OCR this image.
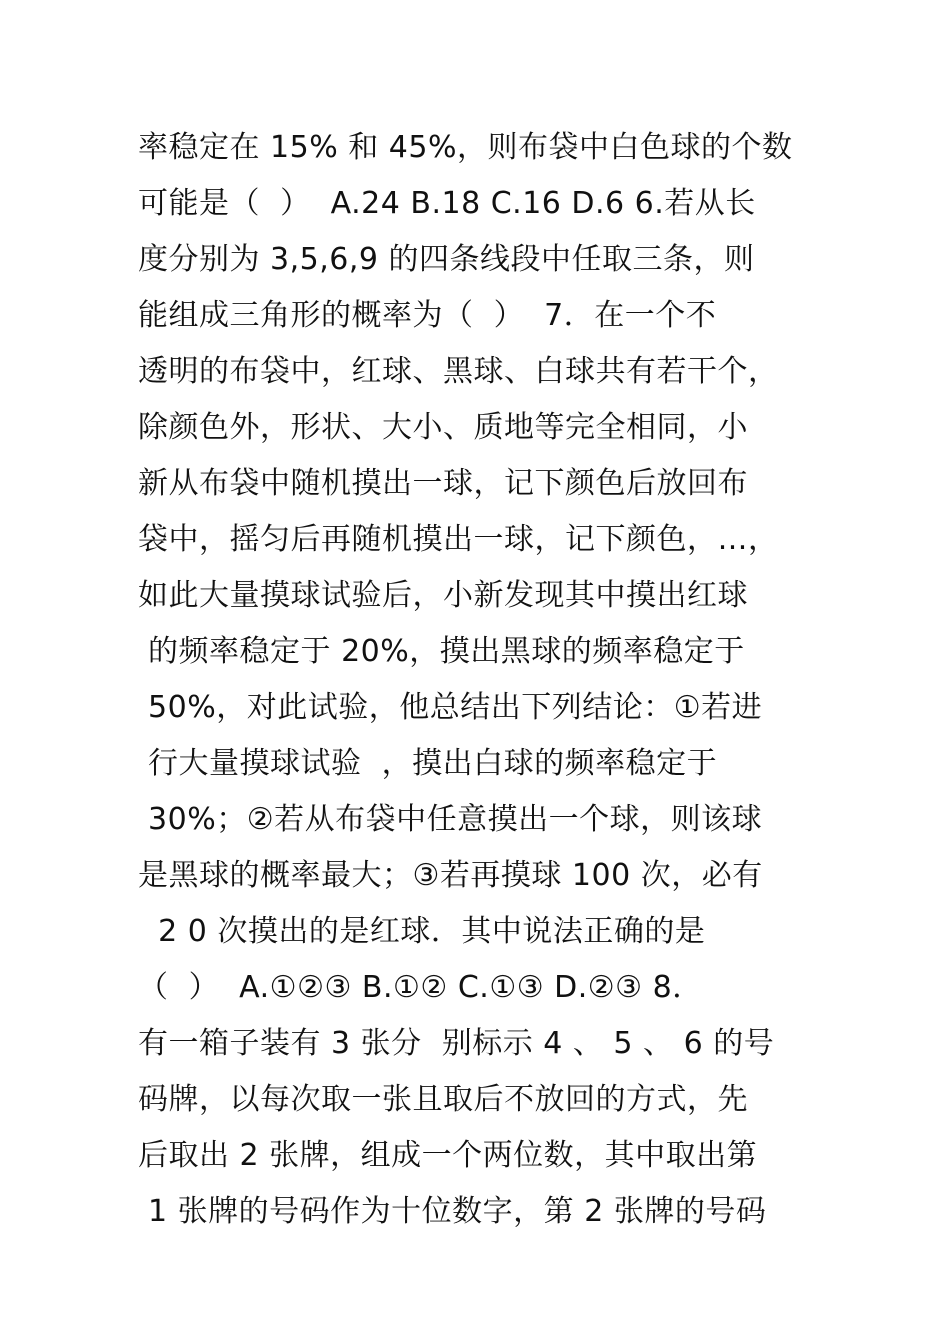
率稳定在 15% 和 45%，则布袋中白色球的个数
可能是（  ）  A.24 B.18 C.16 D.6 6.若从长
度分别为 3,5,6,9 的四条线段中任取三条，则
能组成三角形的概率为（  ）  7．在一个不
透明的布袋中，红球、黑球、白球共有若干个，
除颜色外，形状、大小、质地等完全相同，小
新从布袋中随机摸出一球，记下颜色后放回布
袋中，摇匀后再随机摸出一球，记下颜色，…，
如此大量摸球试验后，小新发现其中摸出红球
的频率稳定于 20%，摸出黑球的频率稳定于
50%，对此试验，他总结出下列结论：①若进
行大量摸球试验  ，摸出白球的频率稳定于
30%；②若从布袋中任意摸出一个球，则该球
是黑球的概率最大；③若再摸球 100 次，必有
2 0 次摸出的是红球．其中说法正确的是
（  ）  A.①②③ B.①② C.①③ D.②③ 8．
有一箱子装有 3 张分  别标示 4 、 5 、 6 的号
码牌，以每次取一张且取后不放回的方式，先
后取出 2 张牌，组成一个两位数，其中取出第
1 张牌的号码作为十位数字，第 2 张牌的号码
